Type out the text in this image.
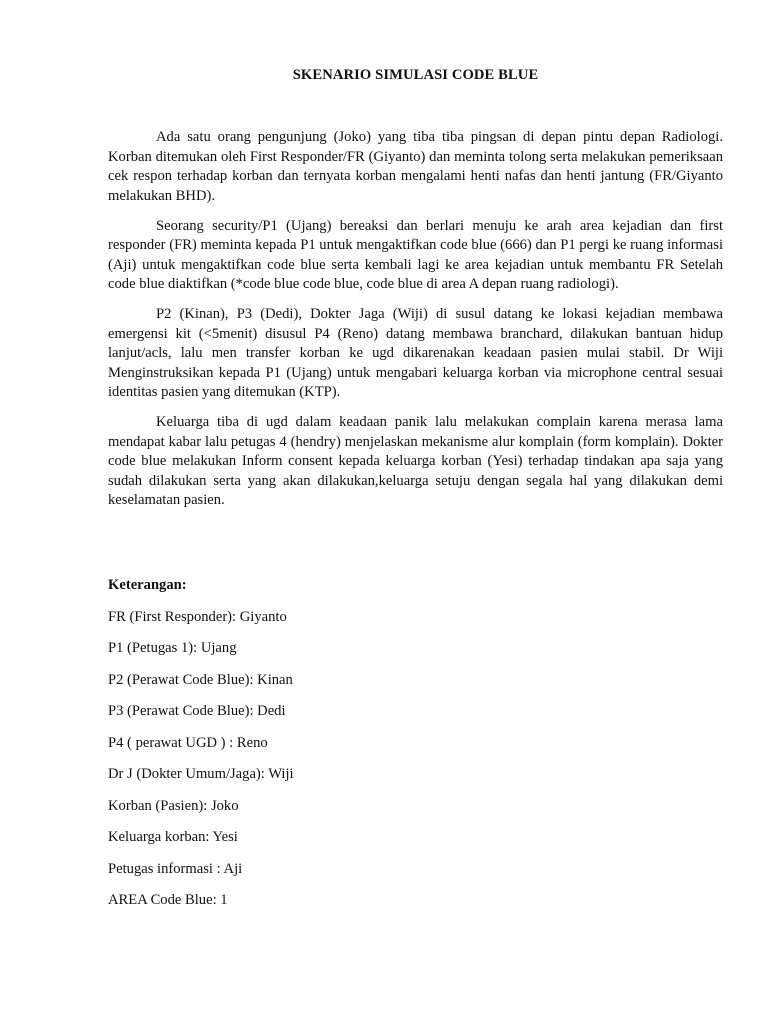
SKENARIO SIMULASI CODE BLUE

Ada satu orang pengunjung (Joko) yang tiba tiba pingsan di depan pintu depan Radiologi. Korban ditemukan oleh First Responder/FR (Giyanto) dan meminta tolong serta melakukan pemeriksaan cek respon terhadap korban dan ternyata korban mengalami henti nafas dan henti jantung (FR/Giyanto melakukan BHD).

Seorang security/P1 (Ujang) bereaksi dan berlari menuju ke arah area kejadian dan first responder (FR) meminta kepada P1 untuk mengaktifkan code blue (666) dan P1 pergi ke ruang informasi (Aji) untuk mengaktifkan code blue serta kembali lagi ke area kejadian untuk membantu FR Setelah code blue diaktifkan (*code blue code blue, code blue di area A depan ruang radiologi).

P2 (Kinan), P3 (Dedi), Dokter Jaga (Wiji) di susul datang ke lokasi kejadian membawa emergensi kit (<5menit) disusul P4 (Reno) datang membawa branchard, dilakukan bantuan hidup lanjut/acls, lalu men transfer korban ke ugd dikarenakan keadaan pasien mulai stabil. Dr Wiji Menginstruksikan kepada P1 (Ujang) untuk mengabari keluarga korban via microphone central sesuai identitas pasien yang ditemukan (KTP).

Keluarga tiba di ugd dalam keadaan panik lalu melakukan complain karena merasa lama mendapat kabar lalu petugas 4 (hendry) menjelaskan mekanisme alur komplain (form komplain). Dokter code blue melakukan Inform consent kepada keluarga korban (Yesi) terhadap tindakan apa saja yang sudah dilakukan serta yang akan dilakukan,keluarga setuju dengan segala hal yang dilakukan demi keselamatan pasien.

Keterangan:

FR (First Responder): Giyanto

P1 (Petugas 1): Ujang

P2 (Perawat Code Blue): Kinan

P3 (Perawat Code Blue): Dedi

P4 ( perawat UGD ) : Reno

Dr J (Dokter Umum/Jaga): Wiji

Korban (Pasien): Joko

Keluarga korban: Yesi

Petugas informasi : Aji

AREA Code Blue: 1
